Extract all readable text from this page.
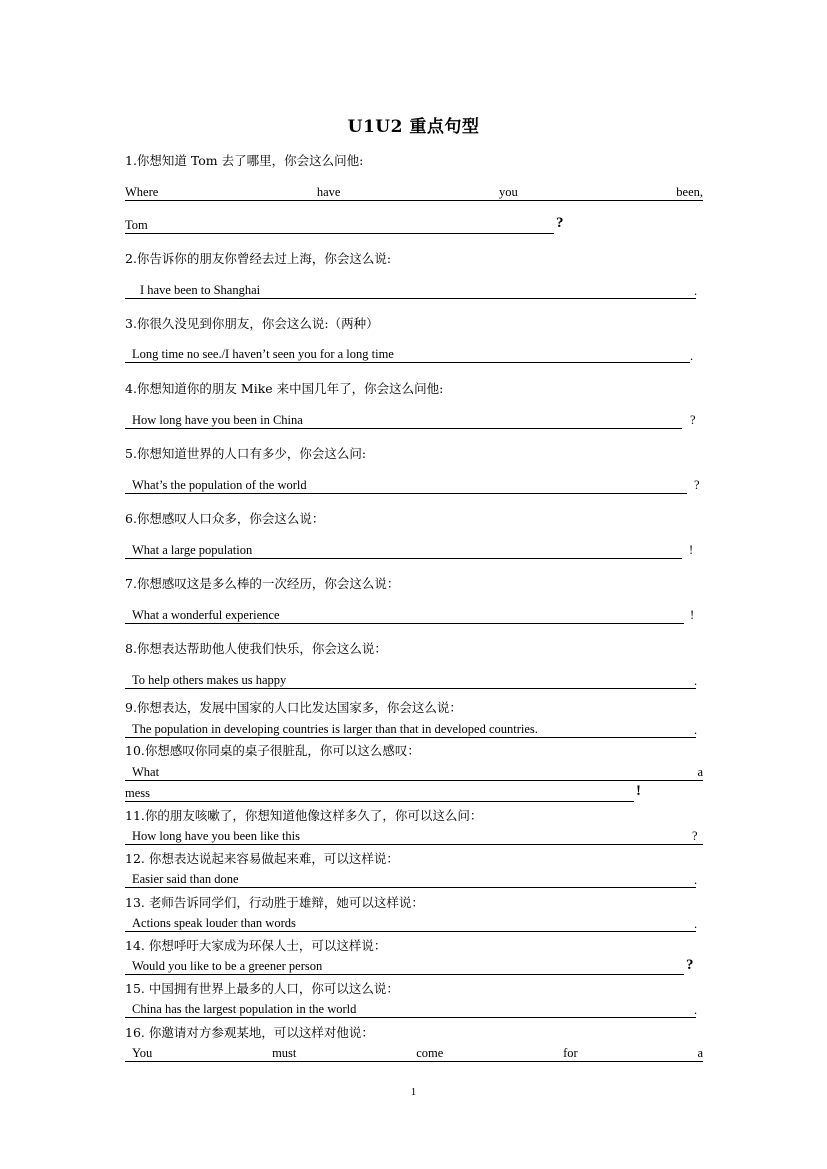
U1U2 重点句型
1.你想知道 Tom 去了哪里，你会这么问他:
Where	have	you	been,
Tom	?
2.你告诉你的朋友你曾经去过上海，你会这么说:
I have been to Shanghai	.
3.你很久没见到你朋友，你会这么说:（两种）
Long time no see./I haven’t seen you for a long time	.
4.你想知道你的朋友 Mike 来中国几年了，你会这么问他:
How long have you been in China	?
5.你想知道世界的人口有多少，你会这么问:
What’s the population of the world	?
6.你想感叹人口众多，你会这么说：
What a large population	!
7.你想感叹这是多么棒的一次经历，你会这么说：
What a wonderful experience	!
8.你想表达帮助他人使我们快乐，你会这么说：
To help others makes us happy	.
9.你想表达，发展中国家的人口比发达国家多，你会这么说：
The population in developing countries is larger than that in developed countries.	.
10.你想感叹你同桌的桌子很脏乱，你可以这么感叹：
What	a
mess	!
11.你的朋友咳嗽了，你想知道他像这样多久了，你可以这么问：
How long have you been like this	?
12. 你想表达说起来容易做起来难，可以这样说：
Easier said than done	.
13. 老师告诉同学们，行动胜于雄辩，她可以这样说：
Actions speak louder than words	.
14. 你想呼吁大家成为环保人士，可以这样说：
Would you like to be a greener person	?
15. 中国拥有世界上最多的人口，你可以这么说：
China has the largest population in the world	.
16. 你邀请对方参观某地，可以这样对他说：
You	must	come	for	a
1
